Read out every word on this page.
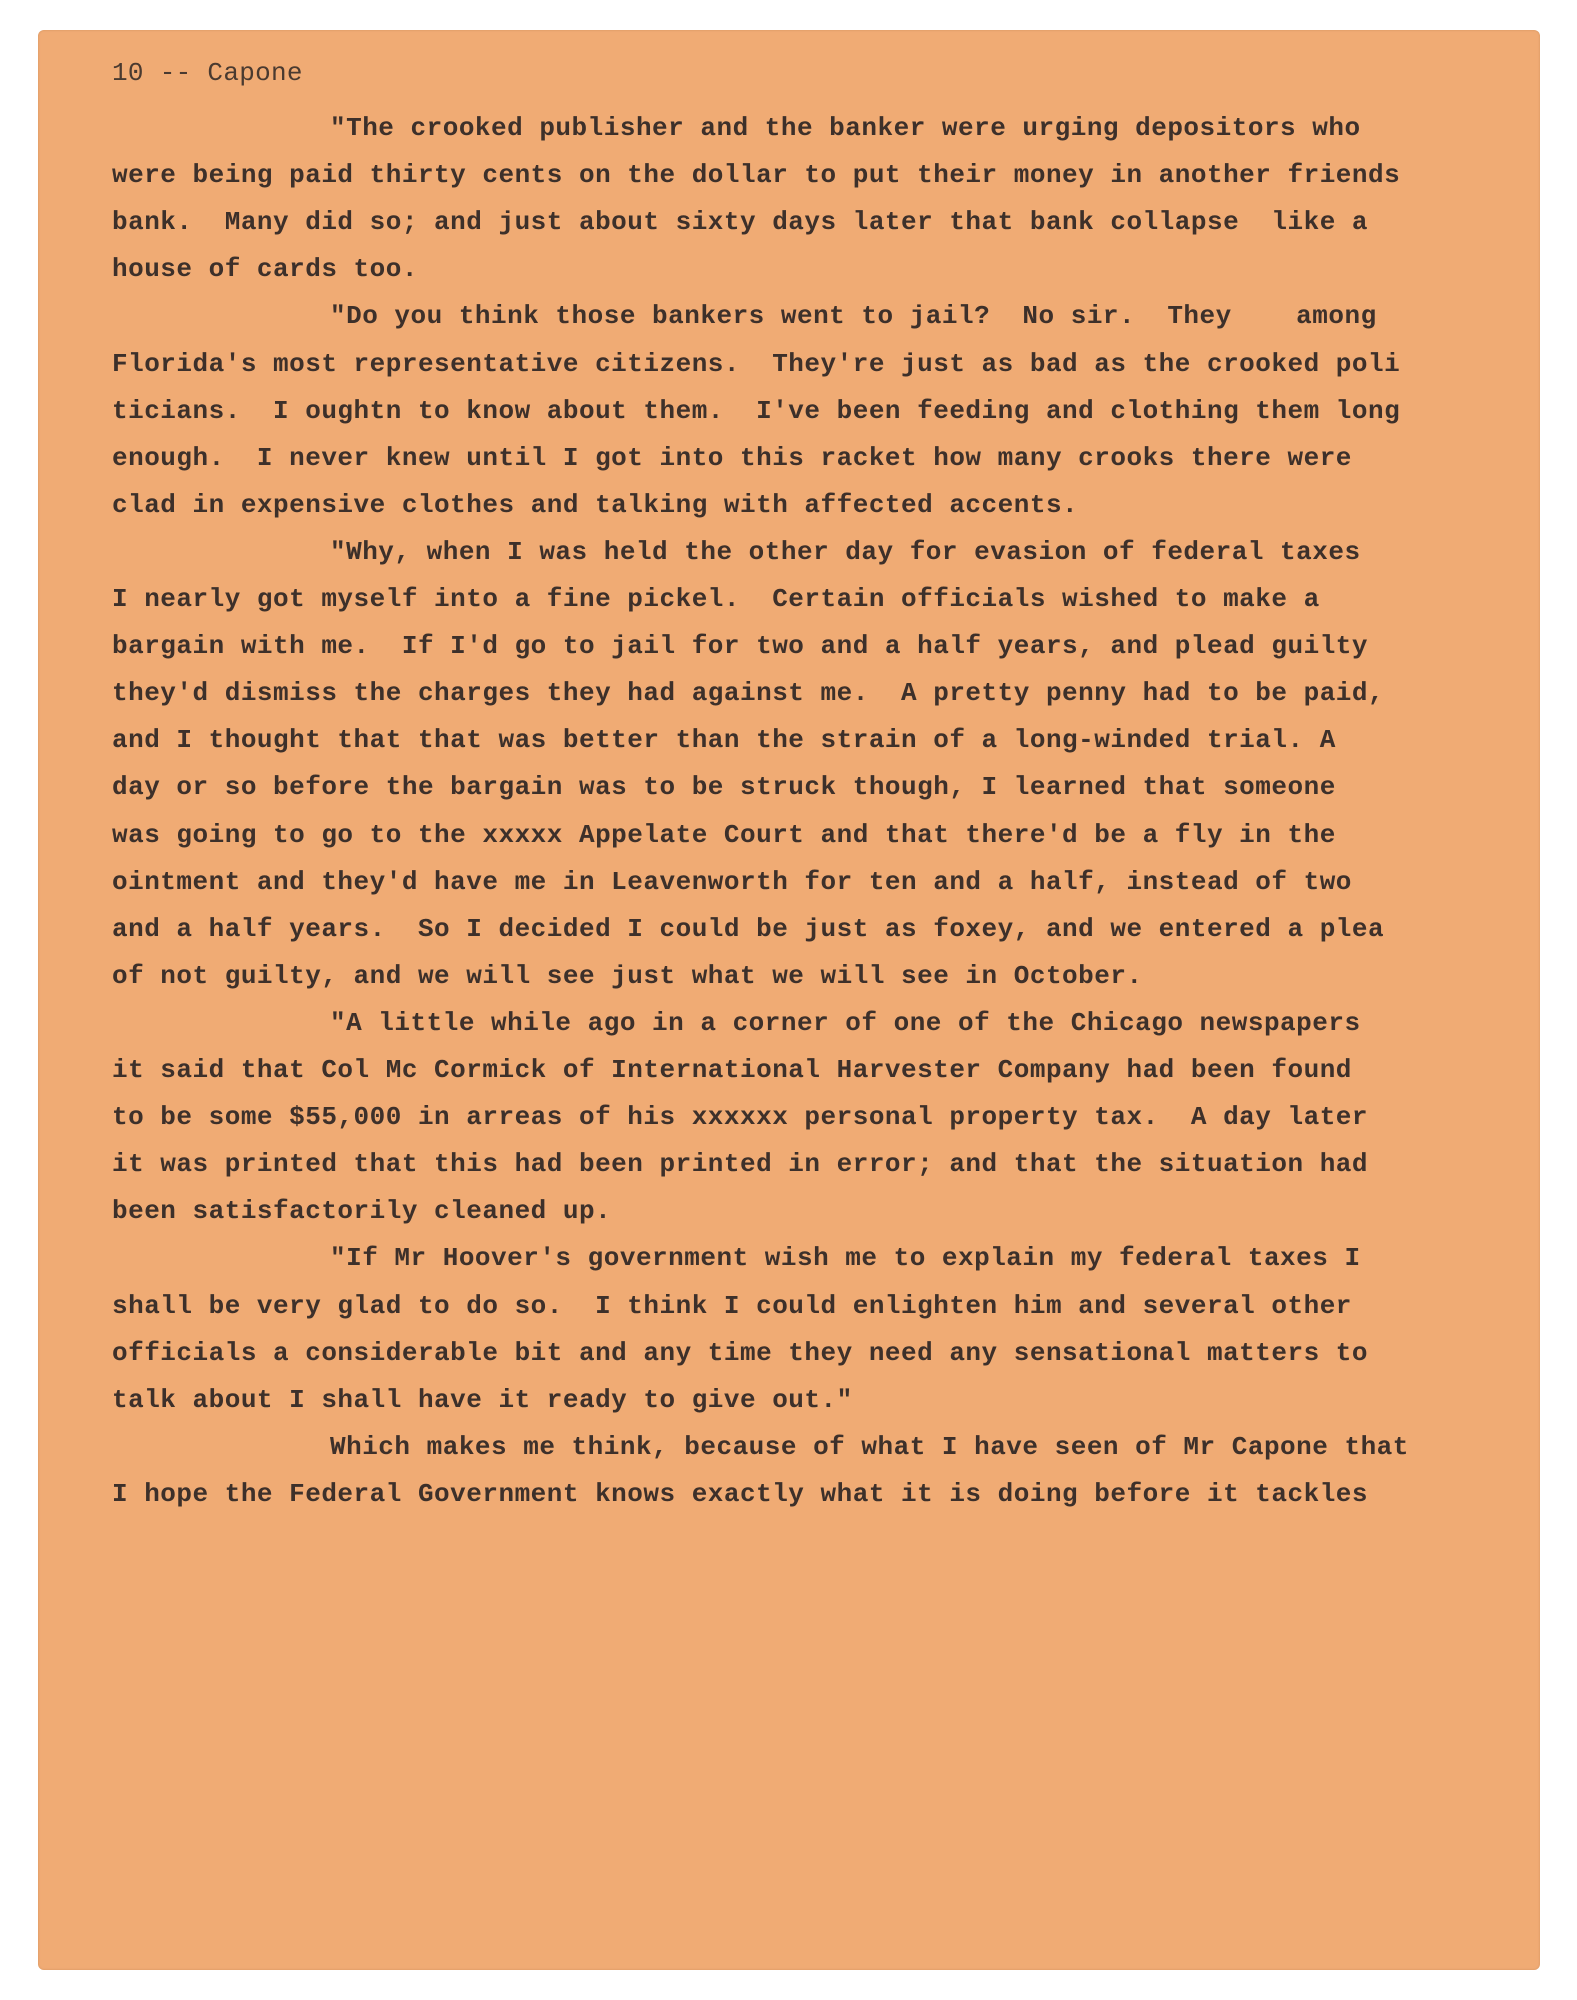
10 -- Capone
"The crooked publisher and the banker were urging depositors who
were being paid thirty cents on the dollar to put their money in another friends
bank.  Many did so; and just about sixty days later that bank collapse  like a
house of cards too.
"Do you think those bankers went to jail?  No sir.  They    among
Florida's most representative citizens.  They're just as bad as the crooked poli
ticians.  I oughtn to know about them.  I've been feeding and clothing them long
enough.  I never knew until I got into this racket how many crooks there were
clad in expensive clothes and talking with affected accents.
"Why, when I was held the other day for evasion of federal taxes
I nearly got myself into a fine pickel.  Certain officials wished to make a
bargain with me.  If I'd go to jail for two and a half years, and plead guilty
they'd dismiss the charges they had against me.  A pretty penny had to be paid,
and I thought that that was better than the strain of a long-winded trial. A
day or so before the bargain was to be struck though, I learned that someone
was going to go to the xxxxx Appelate Court and that there'd be a fly in the
ointment and they'd have me in Leavenworth for ten and a half, instead of two
and a half years.  So I decided I could be just as foxey, and we entered a plea
of not guilty, and we will see just what we will see in October.
"A little while ago in a corner of one of the Chicago newspapers
it said that Col Mc Cormick of International Harvester Company had been found
to be some $55,000 in arreas of his xxxxxx personal property tax.  A day later
it was printed that this had been printed in error; and that the situation had
been satisfactorily cleaned up.
"If Mr Hoover's government wish me to explain my federal taxes I
shall be very glad to do so.  I think I could enlighten him and several other
officials a considerable bit and any time they need any sensational matters to
talk about I shall have it ready to give out."
Which makes me think, because of what I have seen of Mr Capone that
I hope the Federal Government knows exactly what it is doing before it tackles
